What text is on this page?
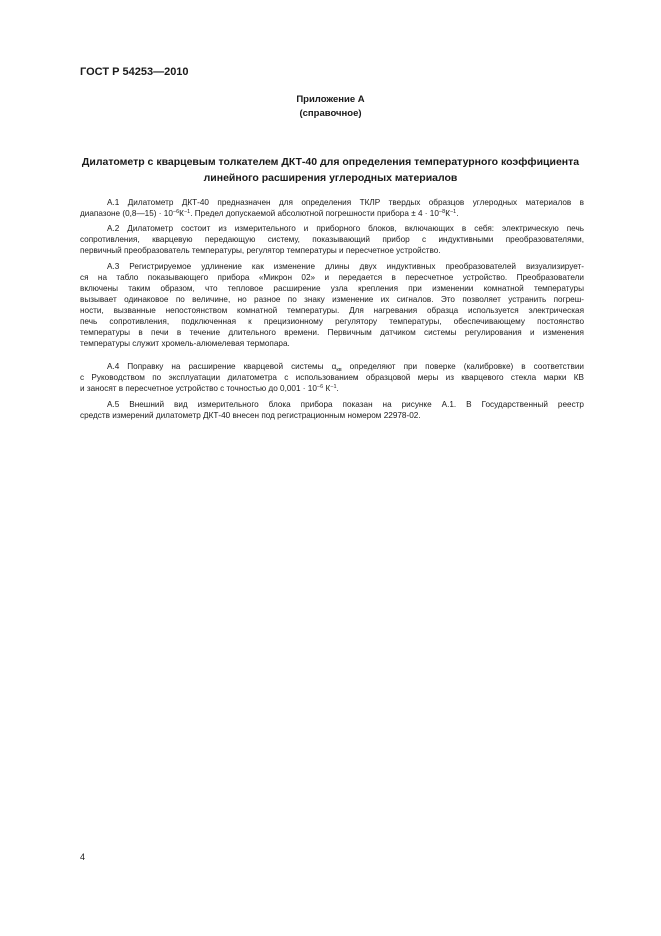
ГОСТ Р 54253—2010
Приложение А
(справочное)
Дилатометр с кварцевым толкателем ДКТ-40 для определения температурного коэффициента
линейного расширения углеродных материалов
А.1 Дилатометр ДКТ-40 предназначен для определения ТКЛР твердых образцов углеродных материалов в
диапазоне (0,8—15) · $10^{-6}К^{-1}$. Предел допускаемой абсолютной погрешности прибора ± $4 \cdot 10^{-8}К^{-1}$.
А.2 Дилатометр состоит из измерительного и приборного блоков, включающих в себя: электрическую печь
сопротивления, кварцевую передающую систему, показывающий прибор с индуктивными преобразователями,
первичный преобразователь температуры, регулятор температуры и пересчетное устройство.
А.3 Регистрируемое удлинение как изменение длины двух индуктивных преобразователей визуализирует-
ся на табло показывающего прибора «Микрон 02» и передается в пересчетное устройство. Преобразователи
включены таким образом, что тепловое расширение узла крепления при изменении комнатной температуры
вызывает одинаковое по величине, но разное по знаку изменение их сигналов. Это позволяет устранить погреш-
ности, вызванные непостоянством комнатной температуры. Для нагревания образца используется электрическая
печь сопротивления, подключенная к прецизионному регулятору температуры, обеспечивающему постоянство
температуры в печи в течение длительного времени. Первичным датчиком системы регулирования и изменения
температуры служит хромель-алюмелевая термопара.
А.4 Поправку на расширение кварцевой системы $\alpha_{кв}$ определяют при поверке (калибровке) в соответствии
с Руководством по эксплуатации дилатометра с использованием образцовой меры из кварцевого стекла марки КВ
и заносят в пересчетное устройство с точностью до $0,001 \cdot 10^{-6}$ $К^{-1}$.
А.5 Внешний вид измерительного блока прибора показан на рисунке А.1. В Государственный реестр
средств измерений дилатометр ДКТ-40 внесен под регистрационным номером 22978-02.
4
